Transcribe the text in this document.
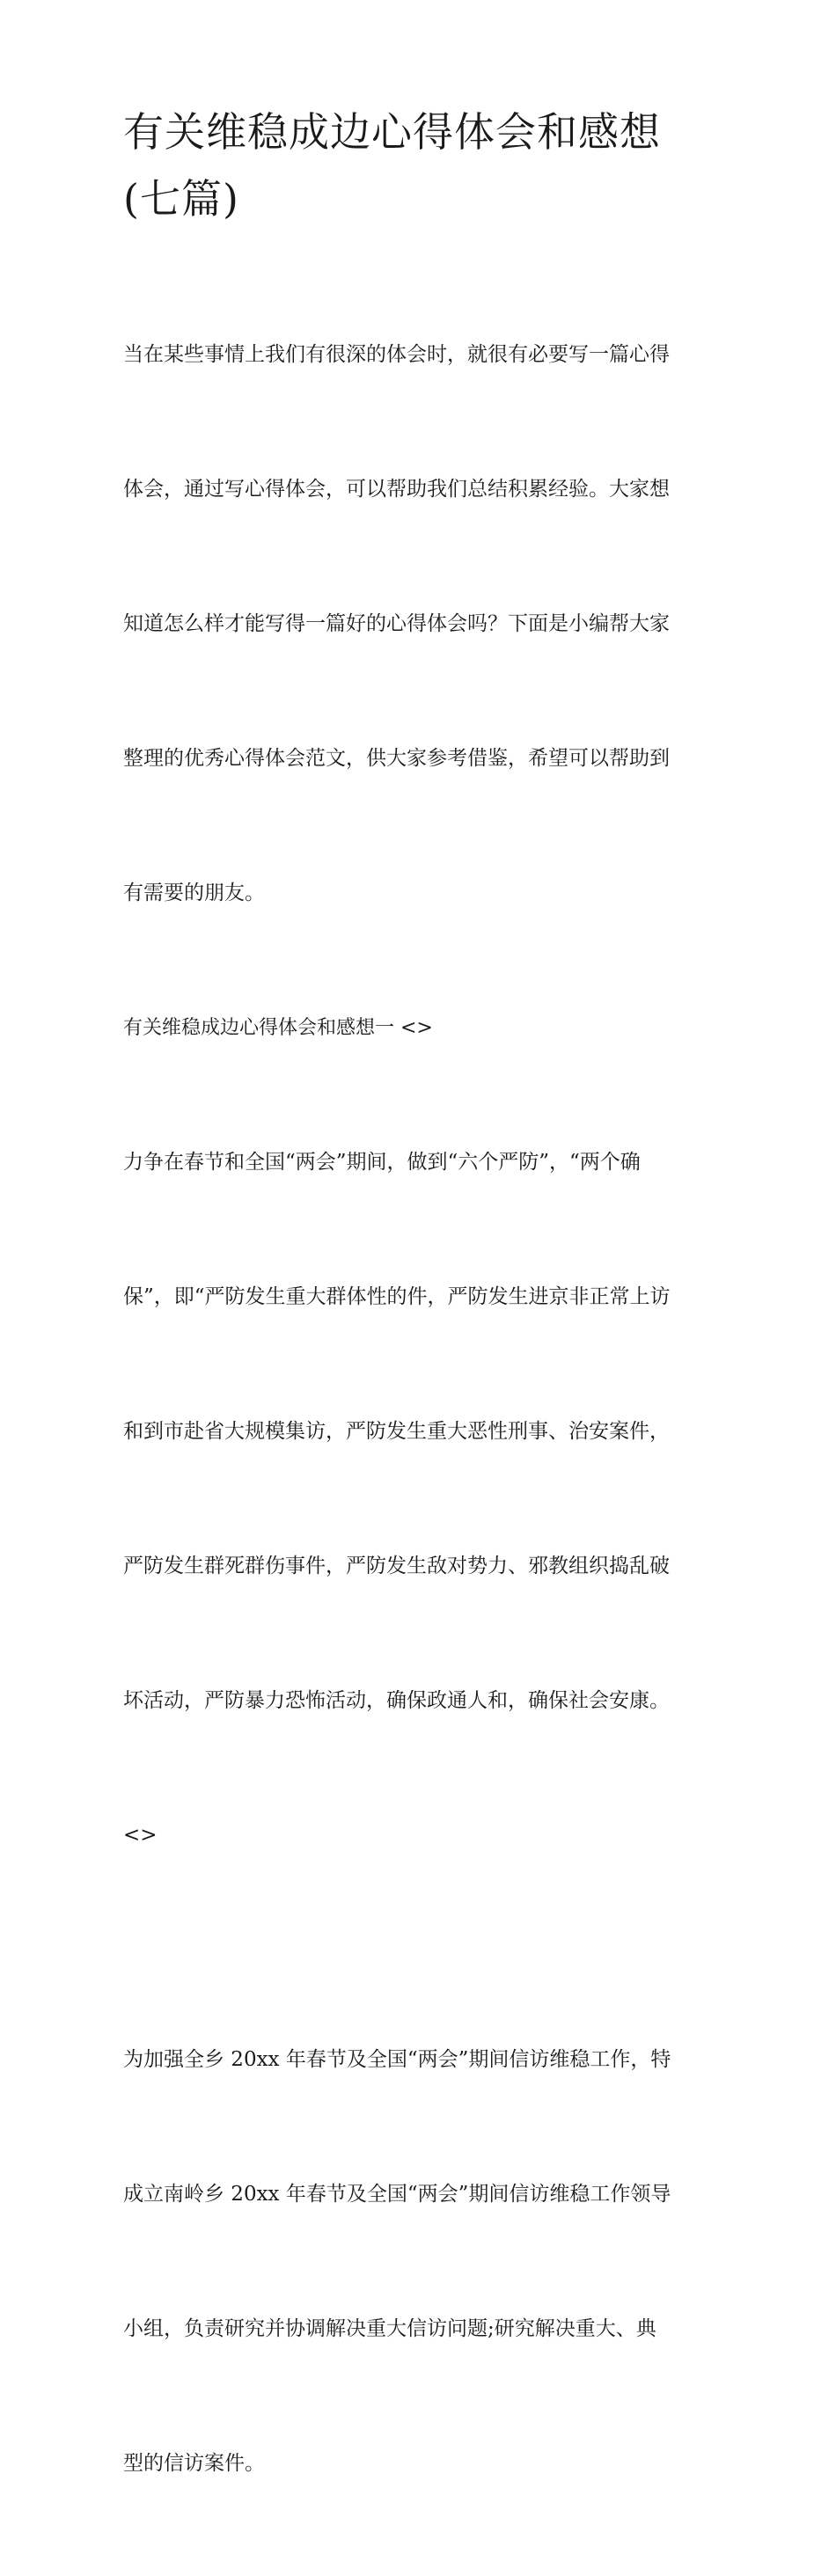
有关维稳成边心得体会和感想
(七篇)

当在某些事情上我们有很深的体会时，就很有必要写一篇心得

体会，通过写心得体会，可以帮助我们总结积累经验。大家想

知道怎么样才能写得一篇好的心得体会吗？下面是小编帮大家

整理的优秀心得体会范文，供大家参考借鉴，希望可以帮助到

有需要的朋友。

有关维稳成边心得体会和感想一 <>

力争在春节和全国“两会”期间，做到“六个严防”，“两个确

保”，即“严防发生重大群体性的件，严防发生进京非正常上访

和到市赴省大规模集访，严防发生重大恶性刑事、治安案件，

严防发生群死群伤事件，严防发生敌对势力、邪教组织捣乱破

坏活动，严防暴力恐怖活动，确保政通人和，确保社会安康。

<>

为加强全乡 20xx 年春节及全国“两会”期间信访维稳工作，特

成立南岭乡 20xx 年春节及全国“两会”期间信访维稳工作领导

小组，负责研究并协调解决重大信访问题;研究解决重大、典

型的信访案件。
